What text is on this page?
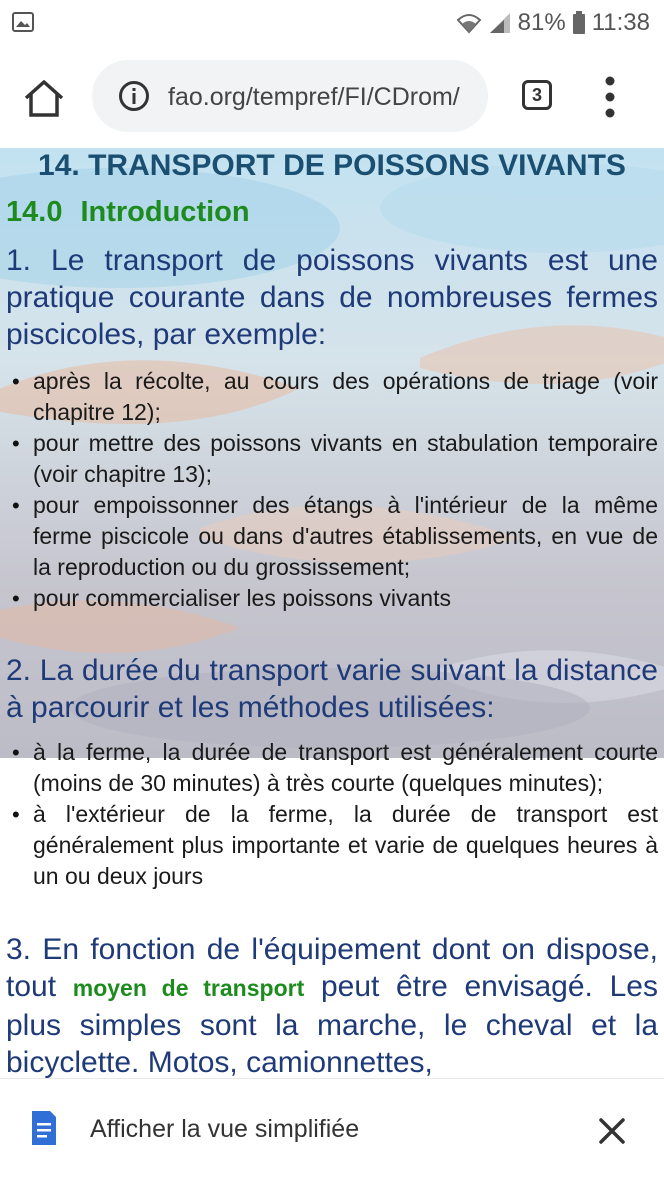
81% 11:38
fao.org/tempref/FI/CDrom/	3
14. TRANSPORT DE POISSONS VIVANTS
14.0 Introduction
1. Le transport de poissons vivants est une pratique courante dans de nombreuses fermes piscicoles, par exemple:
• après la récolte, au cours des opérations de triage (voir chapitre 12);
• pour mettre des poissons vivants en stabulation temporaire (voir chapitre 13);
• pour empoissonner des étangs à l'intérieur de la même ferme piscicole ou dans d'autres établissements, en vue de la reproduction ou du grossissement;
• pour commercialiser les poissons vivants
2. La durée du transport varie suivant la distance à parcourir et les méthodes utilisées:
• à la ferme, la durée de transport est généralement courte (moins de 30 minutes) à très courte (quelques minutes);
• à l'extérieur de la ferme, la durée de transport est généralement plus importante et varie de quelques heures à un ou deux jours
3. En fonction de l'équipement dont on dispose, tout moyen de transport peut être envisagé. Les plus simples sont la marche, le cheval et la bicyclette. Motos, camionnettes,
Afficher la vue simplifiée
